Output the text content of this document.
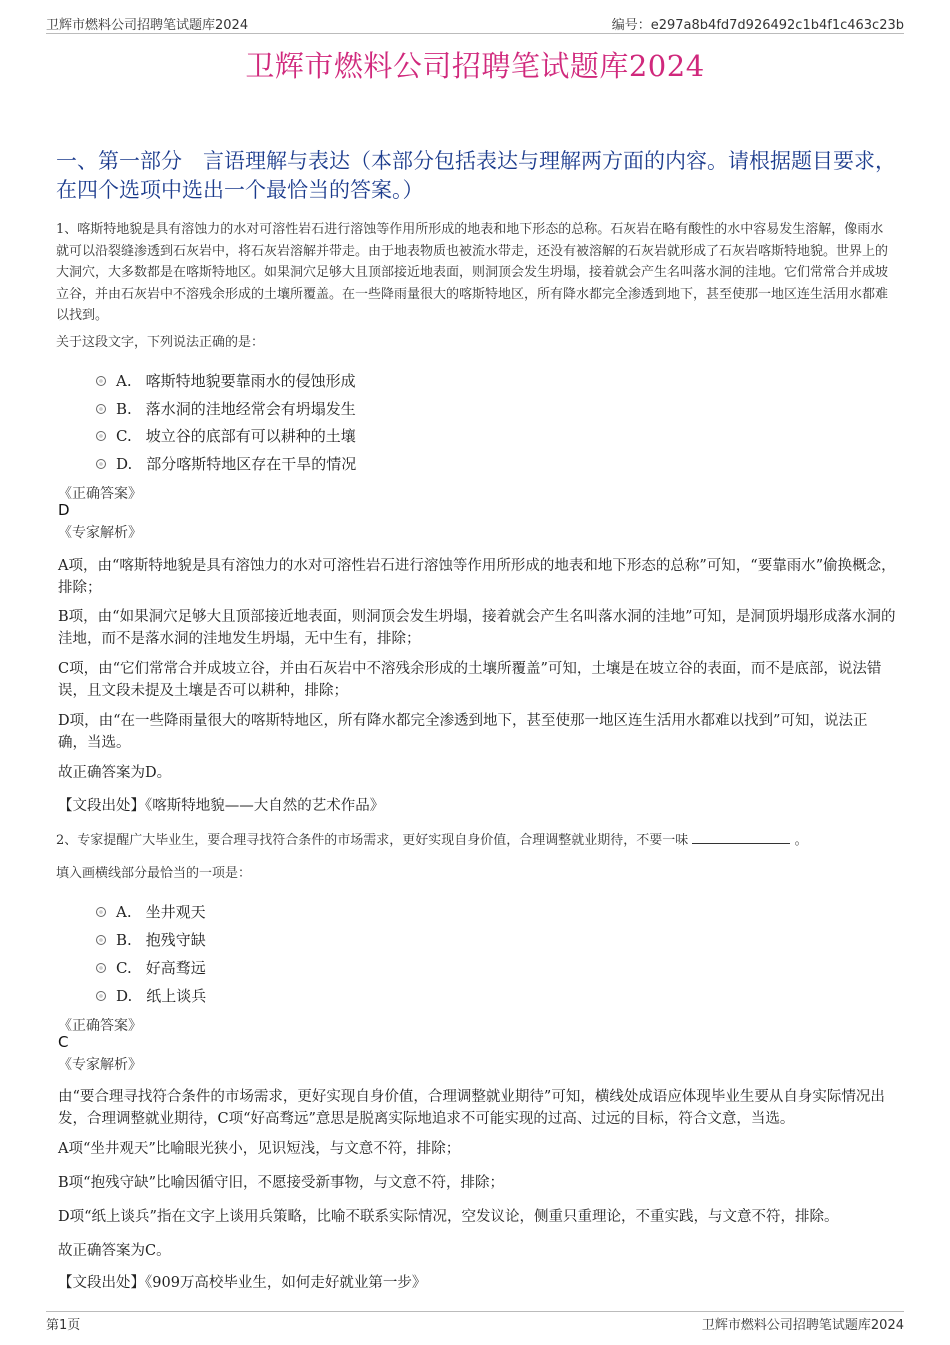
卫辉市燃料公司招聘笔试题库2024	编号：e297a8b4fd7d926492c1b4f1c463c23b
卫辉市燃料公司招聘笔试题库2024
一、第一部分　言语理解与表达（本部分包括表达与理解两方面的内容。请根据题目要求，在四个选项中选出一个最恰当的答案。）
1、喀斯特地貌是具有溶蚀力的水对可溶性岩石进行溶蚀等作用所形成的地表和地下形态的总称。石灰岩在略有酸性的水中容易发生溶解，像雨水就可以沿裂缝渗透到石灰岩中，将石灰岩溶解并带走。由于地表物质也被流水带走，还没有被溶解的石灰岩就形成了石灰岩喀斯特地貌。世界上的大洞穴，大多数都是在喀斯特地区。如果洞穴足够大且顶部接近地表面，则洞顶会发生坍塌，接着就会产生名叫落水洞的洼地。它们常常合并成坡立谷，并由石灰岩中不溶残余形成的土壤所覆盖。在一些降雨量很大的喀斯特地区，所有降水都完全渗透到地下，甚至使那一地区连生活用水都难以找到。
关于这段文字，下列说法正确的是：
A. 喀斯特地貌要靠雨水的侵蚀形成
B. 落水洞的洼地经常会有坍塌发生
C. 坡立谷的底部有可以耕种的土壤
D. 部分喀斯特地区存在干旱的情况
《正确答案》
D
《专家解析》
A项，由“喀斯特地貌是具有溶蚀力的水对可溶性岩石进行溶蚀等作用所形成的地表和地下形态的总称”可知，“要靠雨水”偷换概念，排除；
B项，由“如果洞穴足够大且顶部接近地表面，则洞顶会发生坍塌，接着就会产生名叫落水洞的洼地”可知，是洞顶坍塌形成落水洞的洼地，而不是落水洞的洼地发生坍塌，无中生有，排除；
C项，由“它们常常合并成坡立谷，并由石灰岩中不溶残余形成的土壤所覆盖”可知，土壤是在坡立谷的表面，而不是底部，说法错误，且文段未提及土壤是否可以耕种，排除；
D项，由“在一些降雨量很大的喀斯特地区，所有降水都完全渗透到地下，甚至使那一地区连生活用水都难以找到”可知，说法正确，当选。
故正确答案为D。
【文段出处】《喀斯特地貌——大自然的艺术作品》
2、专家提醒广大毕业生，要合理寻找符合条件的市场需求，更好实现自身价值，合理调整就业期待，不要一味	。
填入画横线部分最恰当的一项是：
A. 坐井观天
B. 抱残守缺
C. 好高骛远
D. 纸上谈兵
《正确答案》
C
《专家解析》
由“要合理寻找符合条件的市场需求，更好实现自身价值，合理调整就业期待”可知，横线处成语应体现毕业生要从自身实际情况出发，合理调整就业期待，C项“好高骛远”意思是脱离实际地追求不可能实现的过高、过远的目标，符合文意，当选。
A项“坐井观天”比喻眼光狭小，见识短浅，与文意不符，排除；
B项“抱残守缺”比喻因循守旧，不愿接受新事物，与文意不符，排除；
D项“纸上谈兵”指在文字上谈用兵策略，比喻不联系实际情况，空发议论，侧重只重理论，不重实践，与文意不符，排除。
故正确答案为C。
【文段出处】《909万高校毕业生，如何走好就业第一步》
第1页	卫辉市燃料公司招聘笔试题库2024
